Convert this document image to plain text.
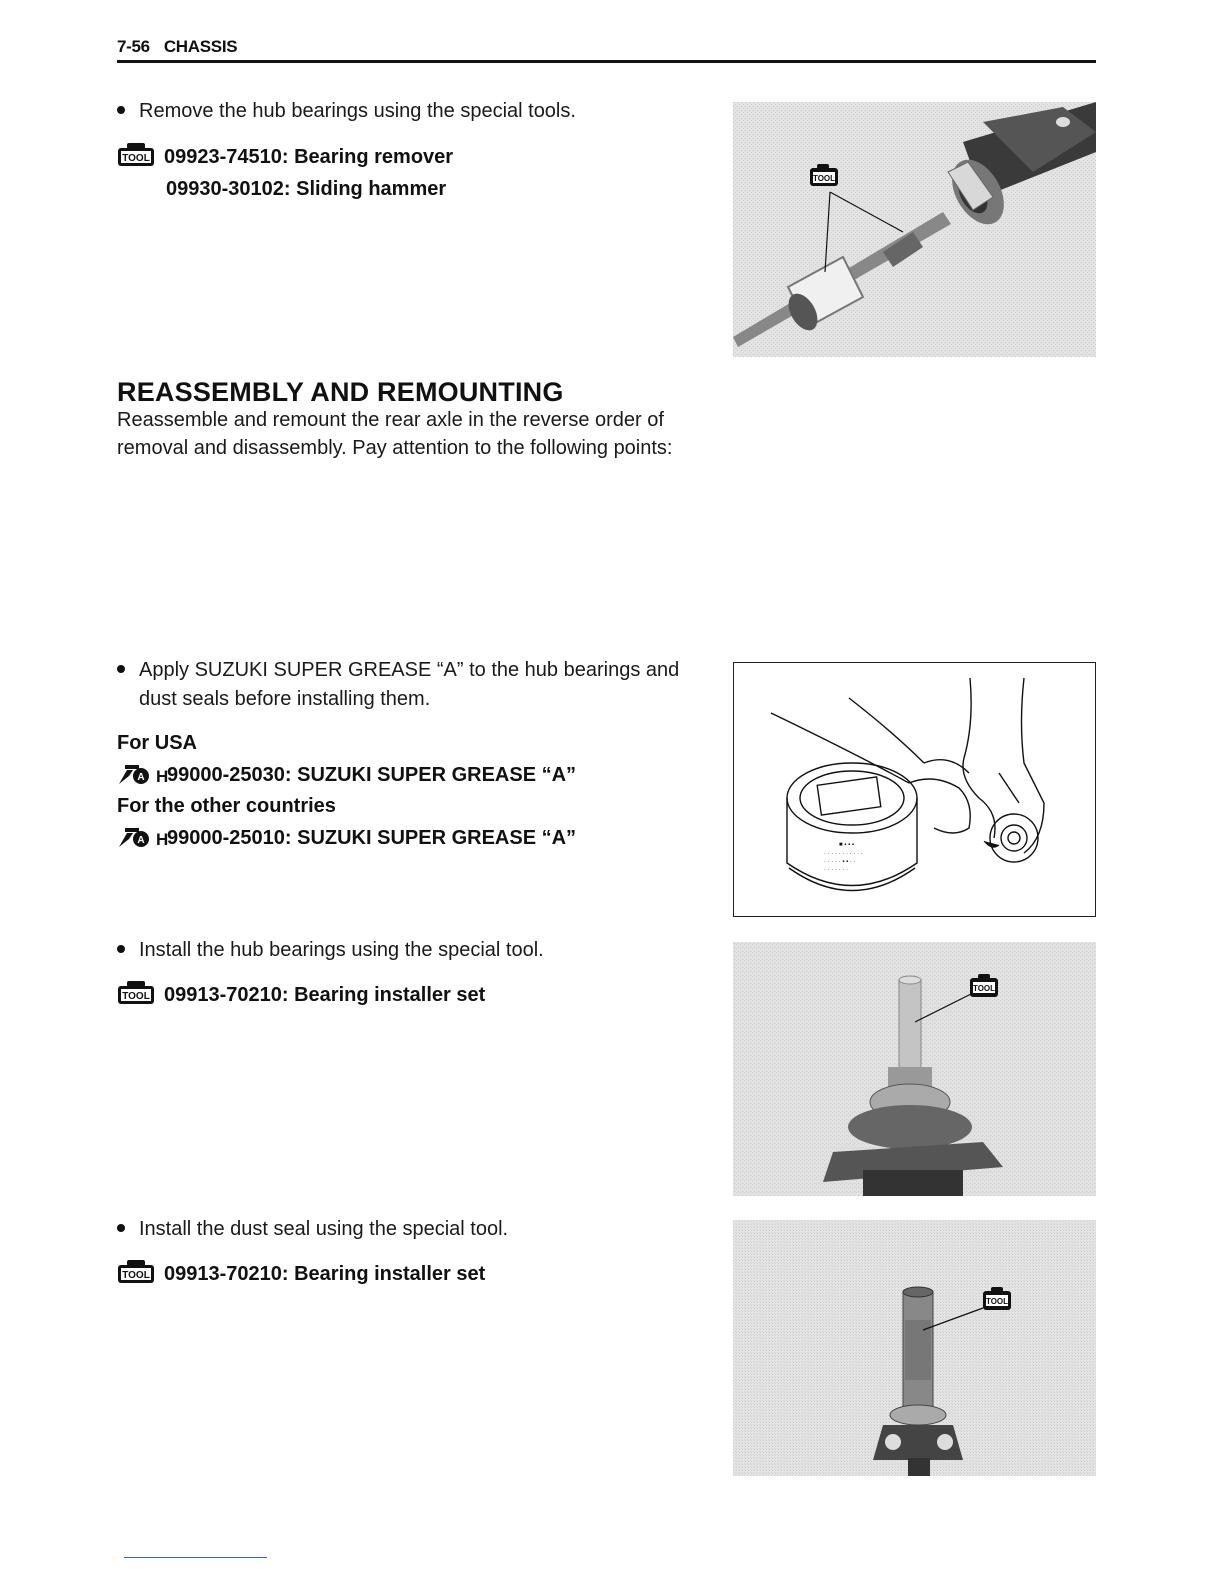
7-56 CHASSIS
Remove the hub bearings using the special tools.
TOOL 09923-74510: Bearing remover
09930-30102: Sliding hammer	TOOL
REASSEMBLY AND REMOUNTING
Reassemble and remount the rear axle in the reverse order of
removal and disassembly. Pay attention to the following points:
Apply SUZUKI SUPER GREASE “A” to the hub bearings and
dust seals before installing them.
For USA
A H
99000-25030: SUZUKI SUPER GREASE “A”
For the other countries
A H
99000-25010: SUZUKI SUPER GREASE “A”	■ ▪ ▪ ▪
· · · · · · · · · · ·
· · · · · ▪ ▪ · ·
· · · · · · ·
Install the hub bearings using the special tool.
TOOL 09913-70210: Bearing installer set	TOOL
Install the dust seal using the special tool.
TOOL 09913-70210: Bearing installer set
TOOL
